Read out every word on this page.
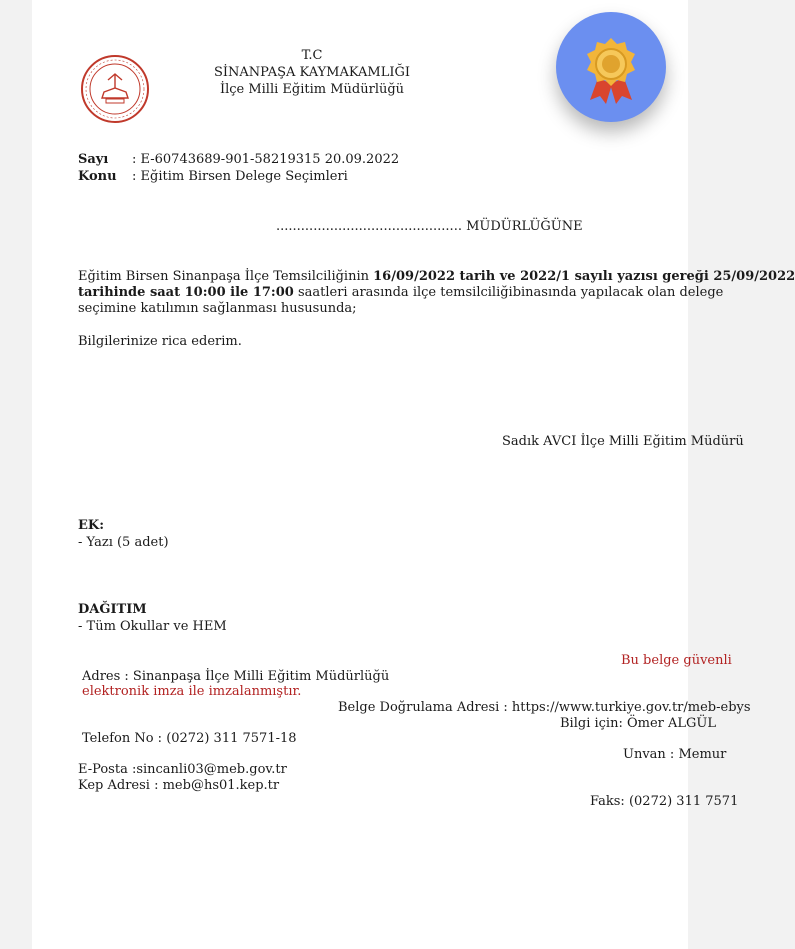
T.C
SİNANPAŞA KAYMAKAMLIĞI
İlçe Milli Eğitim Müdürlüğü
Sayı : E-60743689-901-58219315 20.09.2022
Konu : Eğitim Birsen Delege Seçimleri
............................................. MÜDÜRLÜĞÜNE
Eğitim Birsen Sinanpaşa İlçe Temsilciliğinin 16/09/2022 tarih ve 2022/1 sayılı yazısı gereği 25/09/2022
tarihinde saat 10:00 ile 17:00 saatleri arasında ilçe temsilciliğibinasında yapılacak olan delege
seçimine katılımın sağlanması hususunda;
Bilgilerinize rica ederim.
Sadık AVCI İlçe Milli Eğitim Müdürü
EK:
- Yazı (5 adet)
DAĞITIM
- Tüm Okullar ve HEM
Bu belge güvenli
Adres : Sinanpaşa İlçe Milli Eğitim Müdürlüğü
elektronik imza ile imzalanmıştır.
Belge Doğrulama Adresi : https://www.turkiye.gov.tr/meb-ebys
Bilgi için: Ömer ALGÜL
Telefon No : (0272) 311 7571-18
Unvan : Memur
E-Posta :sincanli03@meb.gov.tr
Kep Adresi : meb@hs01.kep.tr
Faks: (0272) 311 7571
